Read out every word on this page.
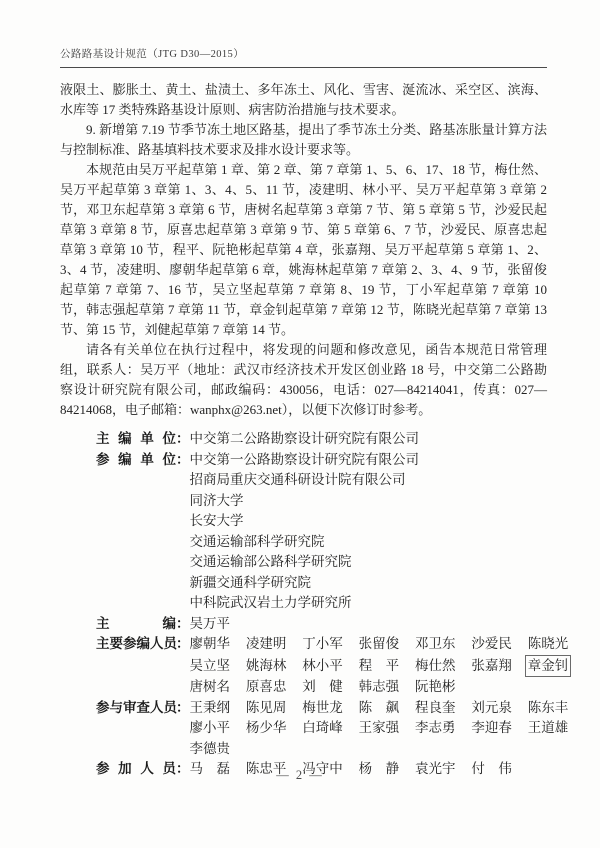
公路路基设计规范（JTG D30—2015）

液限土、膨胀土、黄土、盐渍土、多年冻土、风化、雪害、涎流冰、采空区、滨海、水库等 17 类特殊路基设计原则、病害防治措施与技术要求。

9. 新增第 7.19 节季节冻土地区路基，提出了季节冻土分类、路基冻胀量计算方法与控制标准、路基填料技术要求及排水设计要求等。

本规范由吴万平起草第 1 章、第 2 章、第 7 章第 1、5、6、17、18 节，梅仕然、吴万平起草第 3 章第 1、3、4、5、11 节，凌建明、林小平、吴万平起草第 3 章第 2 节，邓卫东起草第 3 章第 6 节，唐树名起草第 3 章第 7 节、第 5 章第 5 节，沙爱民起草第 3 章第 8 节，原喜忠起草第 3 章第 9 节、第 5 章第 6、7 节，沙爱民、原喜忠起草第 3 章第 10 节，程平、阮艳彬起草第 4 章，张嘉翔、吴万平起草第 5 章第 1、2、3、4 节，凌建明、廖朝华起草第 6 章，姚海林起草第 7 章第 2、3、4、9 节，张留俊起草第 7 章第 7、16 节，吴立坚起草第 7 章第 8、19 节，丁小军起草第 7 章第 10 节，韩志强起草第 7 章第 11 节，章金钊起草第 7 章第 12 节，陈晓光起草第 7 章第 13 节、第 15 节，刘健起草第 7 章第 14 节。

请各有关单位在执行过程中，将发现的问题和修改意见，函告本规范日常管理组，联系人：吴万平（地址：武汉市经济技术开发区创业路 18 号，中交第二公路勘察设计研究院有限公司，邮政编码：430056，电话：027—84214041，传真：027—84214068，电子邮箱：wanphx@263.net），以便下次修订时参考。

主编单位： 中交第二公路勘察设计研究院有限公司
参编单位： 中交第一公路勘察设计研究院有限公司
招商局重庆交通科研设计院有限公司
同济大学
长安大学
交通运输部科学研究院
交通运输部公路科学研究院
新疆交通科学研究院
中科院武汉岩土力学研究所
主编： 吴万平
主要参编人员： 廖朝华 凌建明 丁小军 张留俊 邓卫东 沙爱民 陈晓光
吴立坚 姚海林 林小平 程　平 梅仕然 张嘉翔 章金钊
唐树名 原喜忠 刘　健 韩志强 阮艳彬
参与审查人员： 王秉纲 陈见周 梅世龙 陈　飙 程良奎 刘元泉 陈东丰
廖小平 杨少华 白琦峰 王家强 李志勇 李迎春 王道雄
李德贵
参加人员： 马　磊 陈忠平 冯守中 杨　静 袁光宇 付　伟
— 2 —
